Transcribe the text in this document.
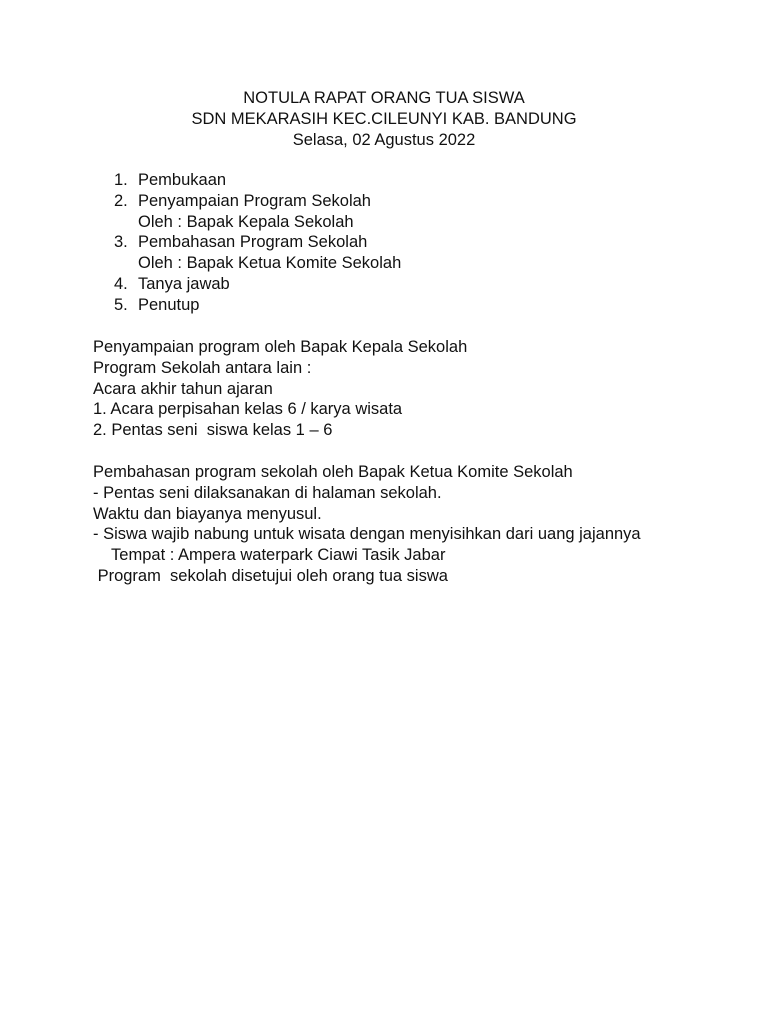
NOTULA RAPAT ORANG TUA SISWA
SDN MEKARASIH KEC.CILEUNYI KAB. BANDUNG
Selasa, 02 Agustus 2022
1. Pembukaan
2. Penyampaian Program Sekolah
Oleh : Bapak Kepala Sekolah
3. Pembahasan Program Sekolah
Oleh : Bapak Ketua Komite Sekolah
4. Tanya jawab
5. Penutup
Penyampaian program oleh Bapak Kepala Sekolah
Program Sekolah antara lain :
Acara akhir tahun ajaran
1. Acara perpisahan kelas 6 / karya wisata
2. Pentas seni  siswa kelas 1 – 6
Pembahasan program sekolah oleh Bapak Ketua Komite Sekolah
- Pentas seni dilaksanakan di halaman sekolah.
Waktu dan biayanya menyusul.
- Siswa wajib nabung untuk wisata dengan menyisihkan dari uang jajannya
Tempat : Ampera waterpark Ciawi Tasik Jabar
Program  sekolah disetujui oleh orang tua siswa
